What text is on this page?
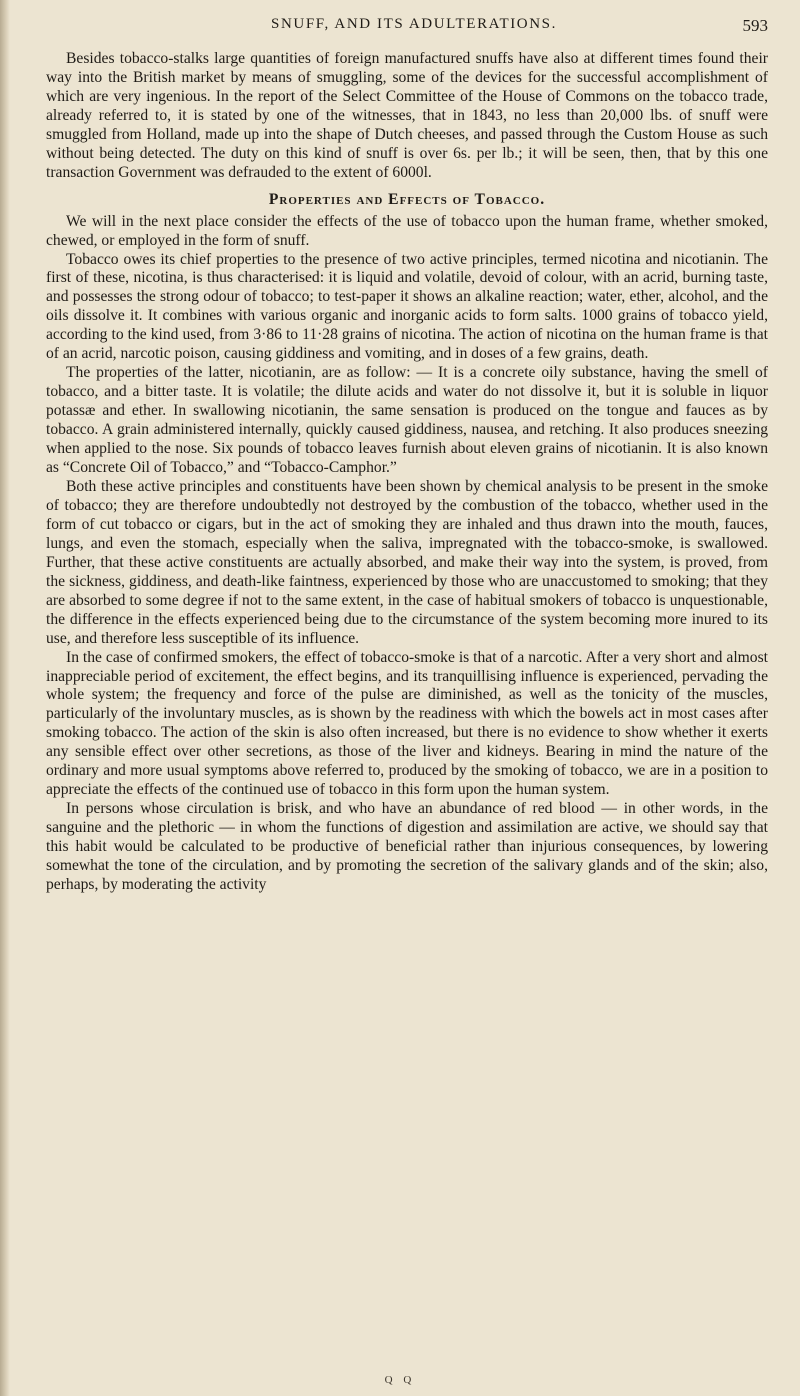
SNUFF, AND ITS ADULTERATIONS.	593

Besides tobacco-stalks large quantities of foreign manufactured snuffs have also at different times found their way into the British market by means of smuggling, some of the devices for the successful accomplishment of which are very ingenious. In the report of the Select Committee of the House of Commons on the tobacco trade, already referred to, it is stated by one of the witnesses, that in 1843, no less than 20,000 lbs. of snuff were smuggled from Holland, made up into the shape of Dutch cheeses, and passed through the Custom House as such without being detected. The duty on this kind of snuff is over 6s. per lb.; it will be seen, then, that by this one transaction Government was defrauded to the extent of 6000l.

Properties and Effects of Tobacco.

We will in the next place consider the effects of the use of tobacco upon the human frame, whether smoked, chewed, or employed in the form of snuff.

Tobacco owes its chief properties to the presence of two active principles, termed nicotina and nicotianin. The first of these, nicotina, is thus characterised: it is liquid and volatile, devoid of colour, with an acrid, burning taste, and possesses the strong odour of tobacco; to test-paper it shows an alkaline reaction; water, ether, alcohol, and the oils dissolve it. It combines with various organic and inorganic acids to form salts. 1000 grains of tobacco yield, according to the kind used, from 3·86 to 11·28 grains of nicotina. The action of nicotina on the human frame is that of an acrid, narcotic poison, causing giddiness and vomiting, and in doses of a few grains, death.

The properties of the latter, nicotianin, are as follow: — It is a concrete oily substance, having the smell of tobacco, and a bitter taste. It is volatile; the dilute acids and water do not dissolve it, but it is soluble in liquor potassæ and ether. In swallowing nicotianin, the same sensation is produced on the tongue and fauces as by tobacco. A grain administered internally, quickly caused giddiness, nausea, and retching. It also produces sneezing when applied to the nose. Six pounds of tobacco leaves furnish about eleven grains of nicotianin. It is also known as “Concrete Oil of Tobacco,” and “Tobacco-Camphor.”

Both these active principles and constituents have been shown by chemical analysis to be present in the smoke of tobacco; they are therefore undoubtedly not destroyed by the combustion of the tobacco, whether used in the form of cut tobacco or cigars, but in the act of smoking they are inhaled and thus drawn into the mouth, fauces, lungs, and even the stomach, especially when the saliva, impregnated with the tobacco-smoke, is swallowed. Further, that these active constituents are actually absorbed, and make their way into the system, is proved, from the sickness, giddiness, and death-like faintness, experienced by those who are unaccustomed to smoking; that they are absorbed to some degree if not to the same extent, in the case of habitual smokers of tobacco is unquestionable, the difference in the effects experienced being due to the circumstance of the system becoming more inured to its use, and therefore less susceptible of its influence.

In the case of confirmed smokers, the effect of tobacco-smoke is that of a narcotic. After a very short and almost inappreciable period of excitement, the effect begins, and its tranquillising influence is experienced, pervading the whole system; the frequency and force of the pulse are diminished, as well as the tonicity of the muscles, particularly of the involuntary muscles, as is shown by the readiness with which the bowels act in most cases after smoking tobacco. The action of the skin is also often increased, but there is no evidence to show whether it exerts any sensible effect over other secretions, as those of the liver and kidneys. Bearing in mind the nature of the ordinary and more usual symptoms above referred to, produced by the smoking of tobacco, we are in a position to appreciate the effects of the continued use of tobacco in this form upon the human system.

In persons whose circulation is brisk, and who have an abundance of red blood — in other words, in the sanguine and the plethoric — in whom the functions of digestion and assimilation are active, we should say that this habit would be calculated to be productive of beneficial rather than injurious consequences, by lowering somewhat the tone of the circulation, and by promoting the secretion of the salivary glands and of the skin; also, perhaps, by moderating the activity

Q Q
